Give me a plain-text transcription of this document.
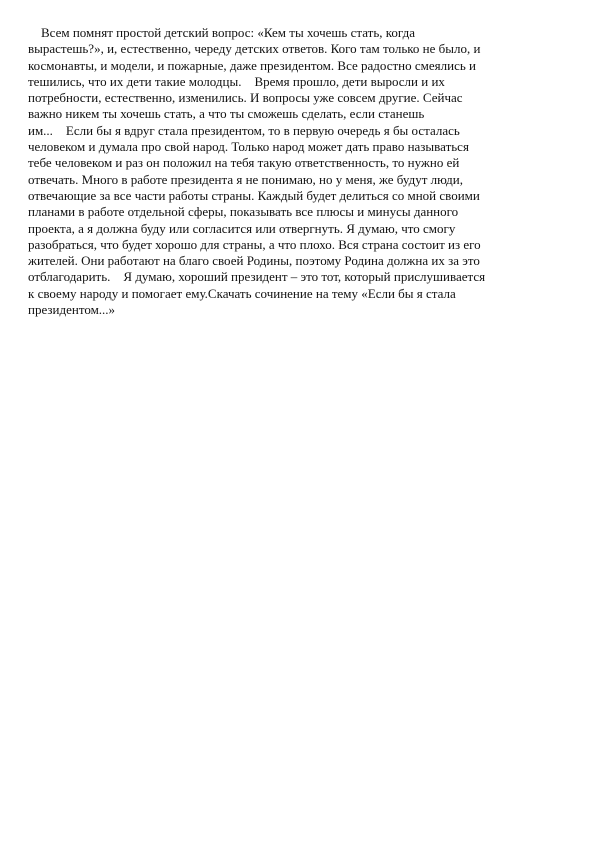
Всем помнят простой детский вопрос: «Кем ты хочешь стать, когда
вырастешь?», и, естественно, череду детских ответов. Кого там только не было, и
космонавты, и модели, и пожарные, даже президентом. Все радостно смеялись и
тешились, что их дети такие молодцы.    Время прошло, дети выросли и их
потребности, естественно, изменились. И вопросы уже совсем другие. Сейчас
важно никем ты хочешь стать, а что ты сможешь сделать, если станешь
им...    Если бы я вдруг стала президентом, то в первую очередь я бы осталась
человеком и думала про свой народ. Только народ может дать право называться
тебе человеком и раз он положил на тебя такую ответственность, то нужно ей
отвечать. Много в работе президента я не понимаю, но у меня, же будут люди,
отвечающие за все части работы страны. Каждый будет делиться со мной своими
планами в работе отдельной сферы, показывать все плюсы и минусы данного
проекта, а я должна буду или согласится или отвергнуть. Я думаю, что смогу
разобраться, что будет хорошо для страны, а что плохо. Вся страна состоит из его
жителей. Они работают на благо своей Родины, поэтому Родина должна их за это
отблагодарить.    Я думаю, хороший президент – это тот, который прислушивается
к своему народу и помогает ему.Скачать сочинение на тему «Если бы я стала
президентом...»
